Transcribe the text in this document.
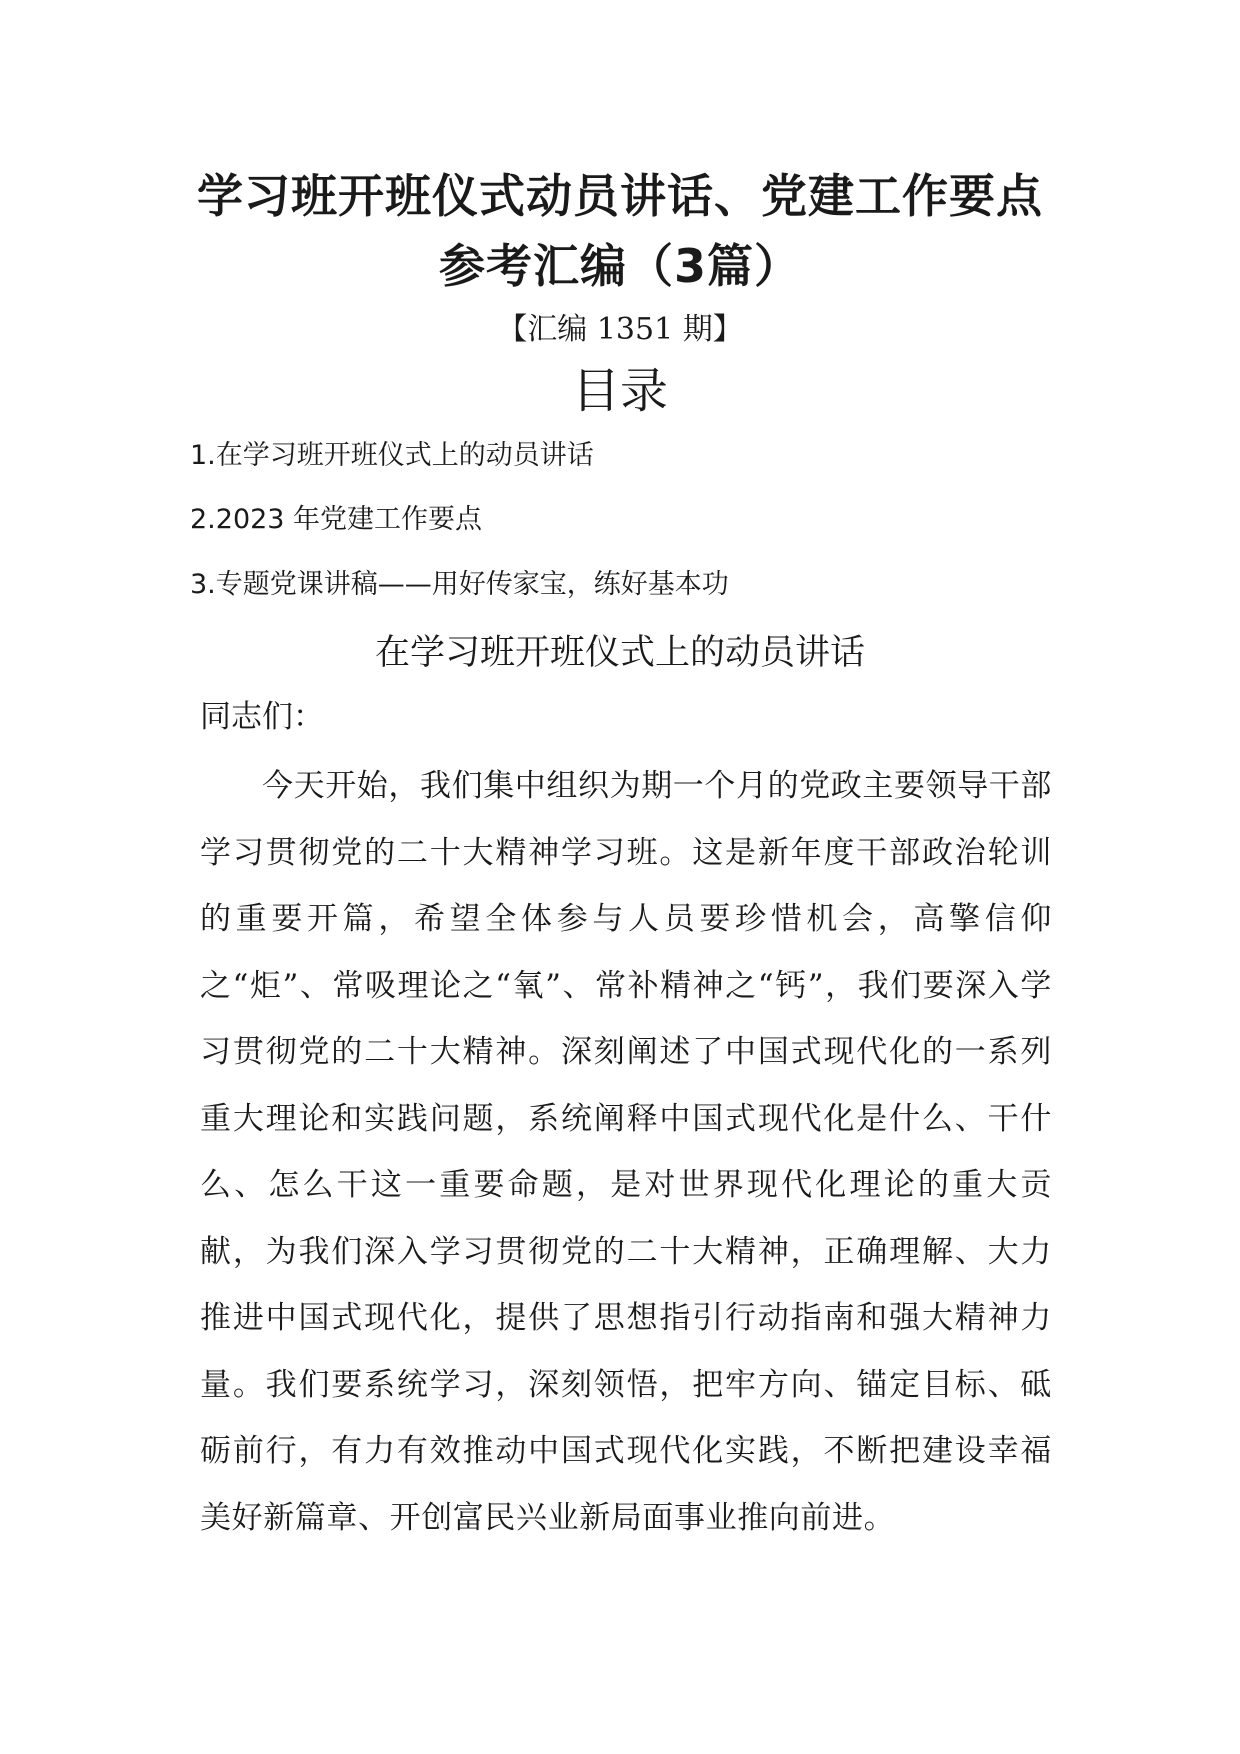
学习班开班仪式动员讲话、党建工作要点
参考汇编（3篇）
【汇编 1351 期】
目录
1.在学习班开班仪式上的动员讲话
2.2023 年党建工作要点
3.专题党课讲稿——用好传家宝，练好基本功
在学习班开班仪式上的动员讲话
同志们：

今天开始，我们集中组织为期一个月的党政主要领导干部学习贯彻党的二十大精神学习班。这是新年度干部政治轮训的重要开篇，希望全体参与人员要珍惜机会，高擎信仰之“炬”、常吸理论之“氧”、常补精神之“钙”，我们要深入学习贯彻党的二十大精神。深刻阐述了中国式现代化的一系列重大理论和实践问题，系统阐释中国式现代化是什么、干什么、怎么干这一重要命题，是对世界现代化理论的重大贡献，为我们深入学习贯彻党的二十大精神，正确理解、大力推进中国式现代化，提供了思想指引行动指南和强大精神力量。我们要系统学习，深刻领悟，把牢方向、锚定目标、砥砺前行，有力有效推动中国式现代化实践，不断把建设幸福美好新篇章、开创富民兴业新局面事业推向前进。
